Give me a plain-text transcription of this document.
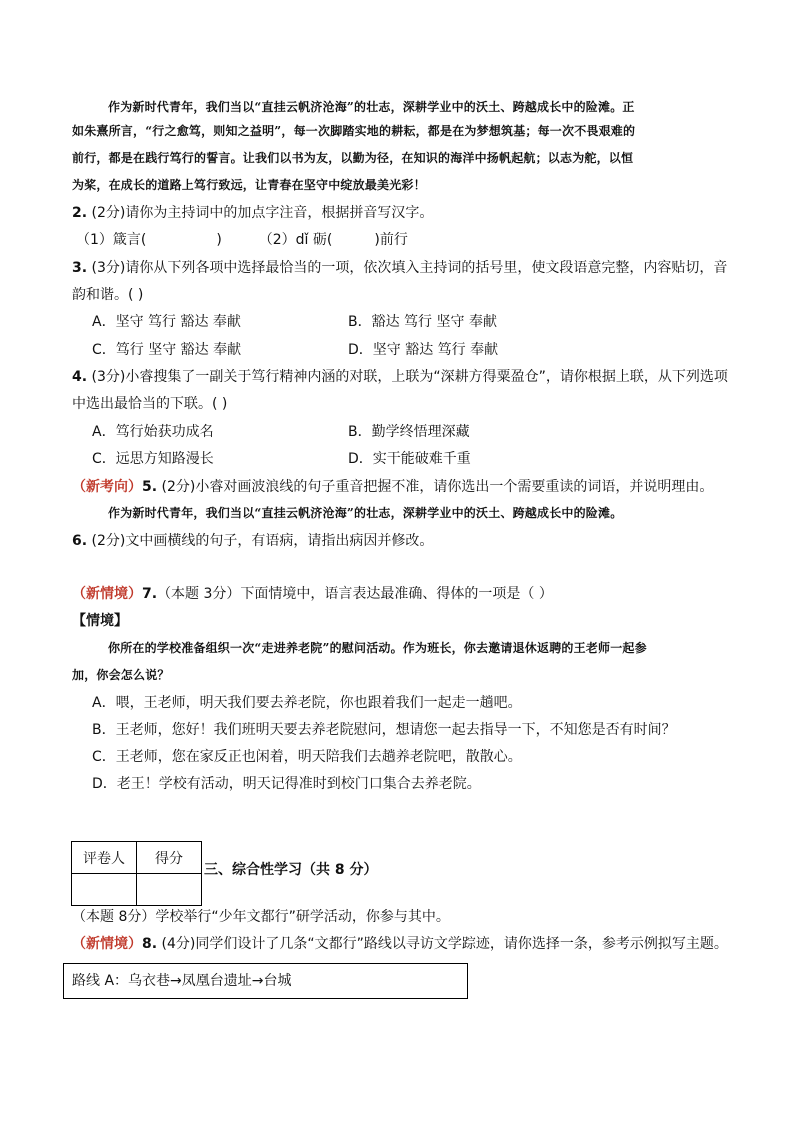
作为新时代青年，我们当以“直挂云帆济沧海”的壮志，深耕学业中的沃土、跨越成长中的险滩。正
如朱熹所言，“行之愈笃，则知之益明”，每一次脚踏实地的耕耘，都是在为梦想筑基；每一次不畏艰难的
前行，都是在践行笃行的誓言。让我们以书为友，以勤为径，在知识的海洋中扬帆起航；以志为舵，以恒
为桨，在成长的道路上笃行致远，让青春在坚守中绽放最美光彩！
2. (2分)请你为主持词中的加点字注音，根据拼音写汉字。
（1）箴言(	)	（2）dǐ 砺(	)前行
3. (3分)请你从下列各项中选择最恰当的一项，依次填入主持词的括号里，使文段语意完整，内容贴切，音
韵和谐。( )
A．坚守 笃行 豁达 奉献	B．豁达 笃行 坚守 奉献
C．笃行 坚守 豁达 奉献	D．坚守 豁达 笃行 奉献
4. (3分)小睿搜集了一副关于笃行精神内涵的对联，上联为“深耕方得粟盈仓”，请你根据上联，从下列选项
中选出最恰当的下联。( )
A．笃行始获功成名	B．勤学终悟理深藏
C．远思方知路漫长	D．实干能破难千重
（新考向）5. (2分)小睿对画波浪线的句子重音把握不准，请你选出一个需要重读的词语，并说明理由。
作为新时代青年，我们当以“直挂云帆济沧海”的壮志，深耕学业中的沃土、跨越成长中的险滩。
6. (2分)文中画横线的句子，有语病，请指出病因并修改。
（新情境）7.（本题 3分）下面情境中，语言表达最准确、得体的一项是（ ）
【情境】
你所在的学校准备组织一次“走进养老院”的慰问活动。作为班长，你去邀请退休返聘的王老师一起参
加，你会怎么说？
A．喂，王老师，明天我们要去养老院，你也跟着我们一起走一趟吧。
B．王老师，您好！我们班明天要去养老院慰问，想请您一起去指导一下，不知您是否有时间？
C．王老师，您在家反正也闲着，明天陪我们去趟养老院吧，散散心。
D．老王！学校有活动，明天记得准时到校门口集合去养老院。
评卷人	得分

三、综合性学习（共 8 分）
（本题 8分）学校举行“少年文都行”研学活动，你参与其中。
（新情境）8. (4分)同学们设计了几条“文都行”路线以寻访文学踪迹，请你选择一条，参考示例拟写主题。
路线 A：乌衣巷→凤凰台遗址→台城
